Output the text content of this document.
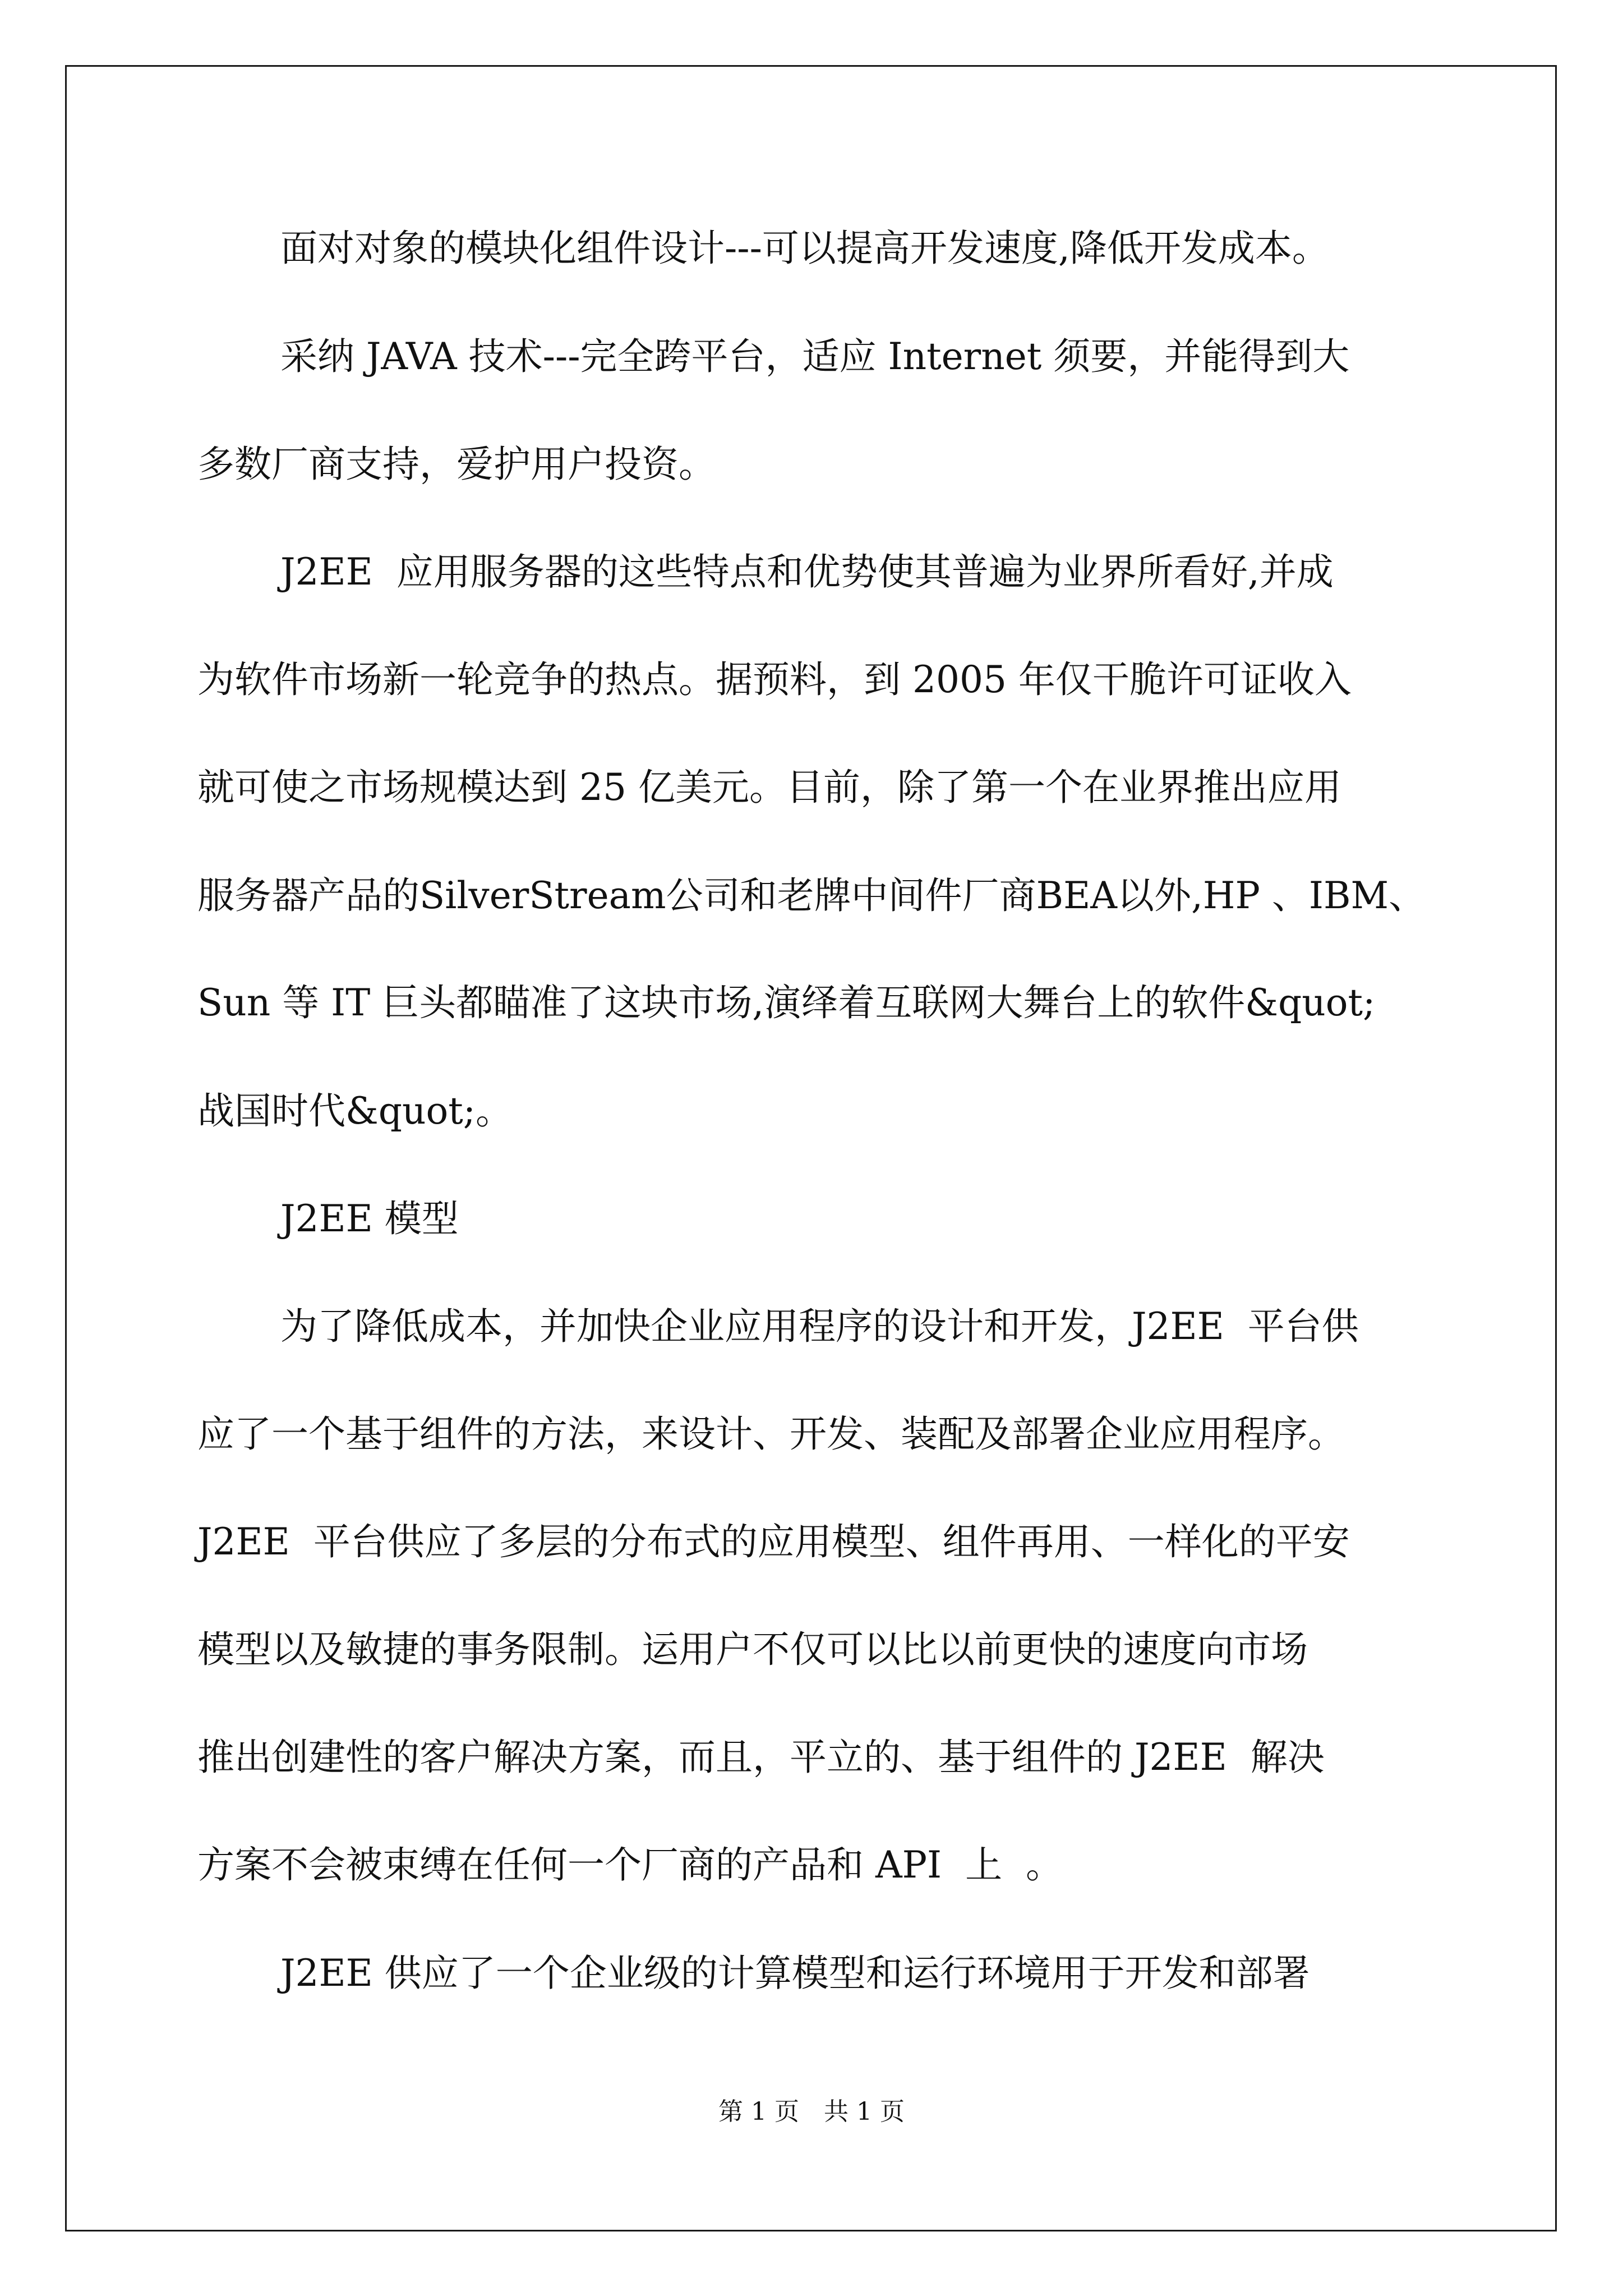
面对对象的模块化组件设计---可以提高开发速度,降低开发成本。
采纳 JAVA 技术---完全跨平台，适应 Internet 须要，并能得到大
多数厂商支持，爱护用户投资。
J2EE  应用服务器的这些特点和优势使其普遍为业界所看好,并成
为软件市场新一轮竞争的热点。据预料，到 2005 年仅干脆许可证收入
就可使之市场规模达到 25 亿美元。目前，除了第一个在业界推出应用
服务器产品的SilverStream公司和老牌中间件厂商BEA以外,HP 、IBM、
Sun 等 IT 巨头都瞄准了这块市场,演绎着互联网大舞台上的软件&quot;
战国时代&quot;。
J2EE 模型
为了降低成本，并加快企业应用程序的设计和开发，J2EE  平台供
应了一个基于组件的方法，来设计、开发、装配及部署企业应用程序。
J2EE  平台供应了多层的分布式的应用模型、组件再用、一样化的平安
模型以及敏捷的事务限制。运用户不仅可以比以前更快的速度向市场
推出创建性的客户解决方案，而且，平立的、基于组件的 J2EE  解决
方案不会被束缚在任何一个厂商的产品和 API  上  。
J2EE 供应了一个企业级的计算模型和运行环境用于开发和部署
第 1 页　共 1 页
